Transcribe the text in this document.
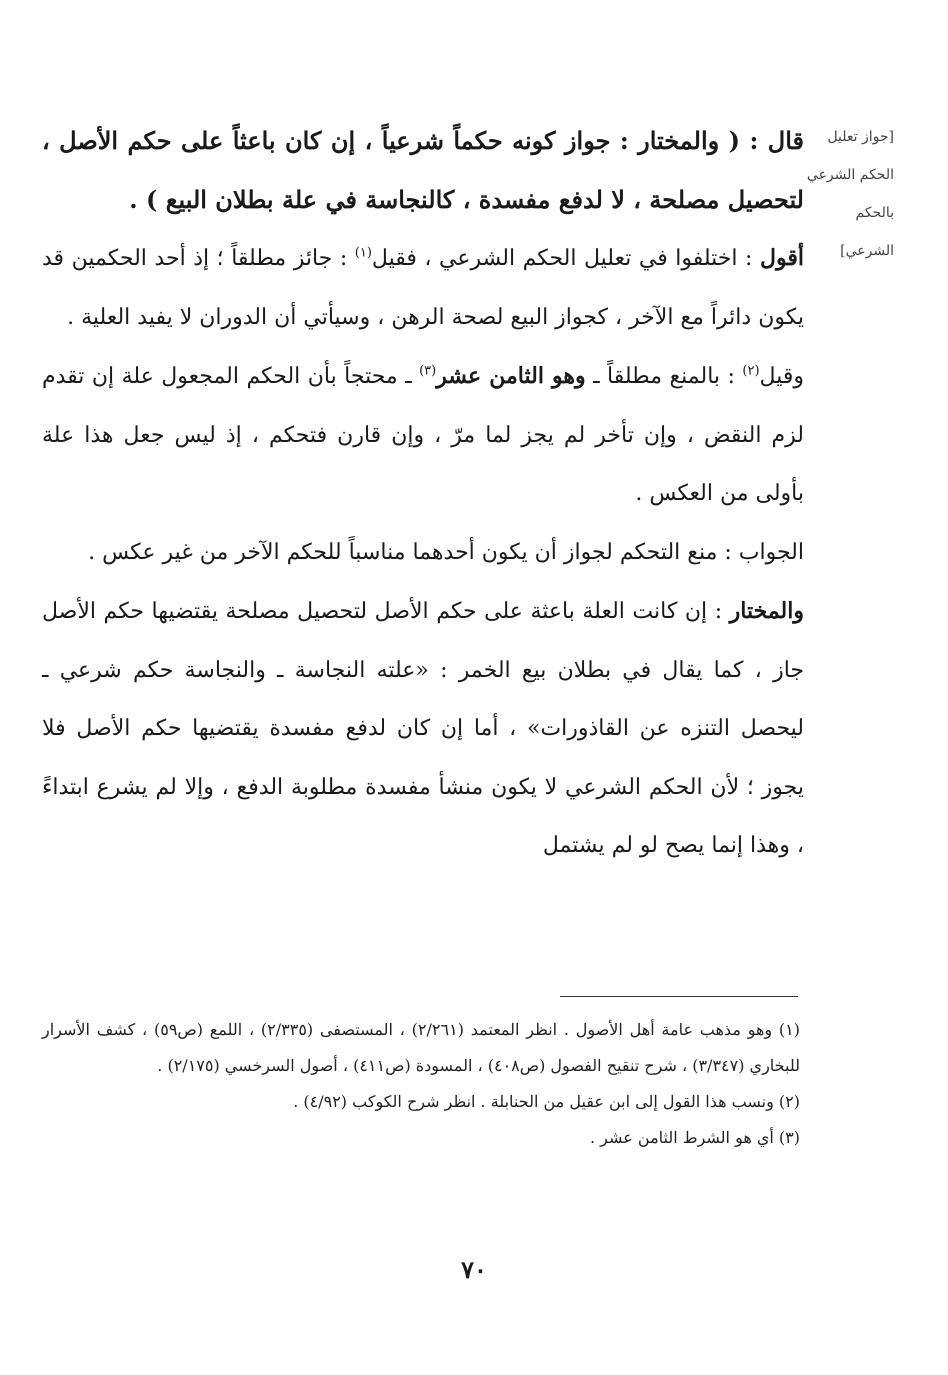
[جواز تعليل الحكم الشرعي بالحكم الشرعي]

قال : ( والمختار : جواز كونه حكماً شرعياً ، إن كان باعثاً على حكم الأصل ، لتحصيل مصلحة ، لا لدفع مفسدة ، كالنجاسة في علة بطلان البيع ) .

أقول : اختلفوا في تعليل الحكم الشرعي ، فقيل$^{(١)}$ : جائز مطلقاً ؛ إذ أحد الحكمين قد يكون دائراً مع الآخر ، كجواز البيع لصحة الرهن ، وسيأتي أن الدوران لا يفيد العلية .

وقيل$^{(٢)}$ : بالمنع مطلقاً ـ وهو الثامن عشر$^{(٣)}$ ـ محتجاً بأن الحكم المجعول علة إن تقدم لزم النقض ، وإن تأخر لم يجز لما مرّ ، وإن قارن فتحكم ، إذ ليس جعل هذا علة بأولى من العكس .

الجواب : منع التحكم لجواز أن يكون أحدهما مناسباً للحكم الآخر من غير عكس .

والمختار : إن كانت العلة باعثة على حكم الأصل لتحصيل مصلحة يقتضيها حكم الأصل جاز ، كما يقال في بطلان بيع الخمر : «علته النجاسة ـ والنجاسة حكم شرعي ـ ليحصل التنزه عن القاذورات» ، أما إن كان لدفع مفسدة يقتضيها حكم الأصل فلا يجوز ؛ لأن الحكم الشرعي لا يكون منشأ مفسدة مطلوبة الدفع ، وإلا لم يشرع ابتداءً ، وهذا إنما يصح لو لم يشتمل

(١) وهو مذهب عامة أهل الأصول . انظر المعتمد (٢/٢٦١) ، المستصفى (٢/٣٣٥) ، اللمع (ص٥٩) ، كشف الأسرار للبخاري (٣/٣٤٧) ، شرح تنقيح الفصول (ص٤٠٨) ، المسودة (ص٤١١) ، أصول السرخسي (٢/١٧٥) .

(٢) ونسب هذا القول إلى ابن عقيل من الحنابلة . انظر شرح الكوكب (٤/٩٢) .

(٣) أي هو الشرط الثامن عشر .

٧٠
